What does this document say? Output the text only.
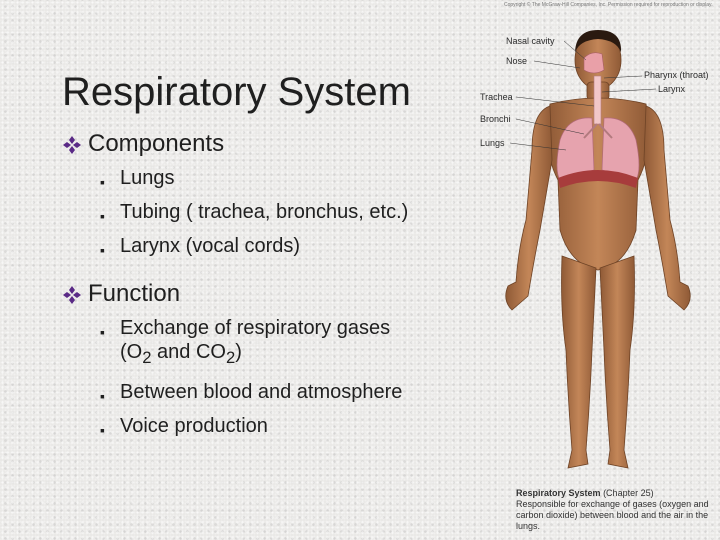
Copyright © The McGraw-Hill Companies, Inc. Permission required for reproduction or display.
Respiratory System
Components
▪ Lungs
▪ Tubing ( trachea, bronchus, etc.)
▪ Larynx (vocal cords)
Function
▪ Exchange of respiratory gases
($O_2$ and $CO_2$)
▪ Between blood and atmosphere
▪ Voice production
Nasal cavity
Nose
Pharynx (throat)
Larynx
Trachea
Bronchi
Lungs
Respiratory System (Chapter 25)
Responsible for exchange of gases (oxygen and carbon dioxide) between blood and the air in the lungs.
